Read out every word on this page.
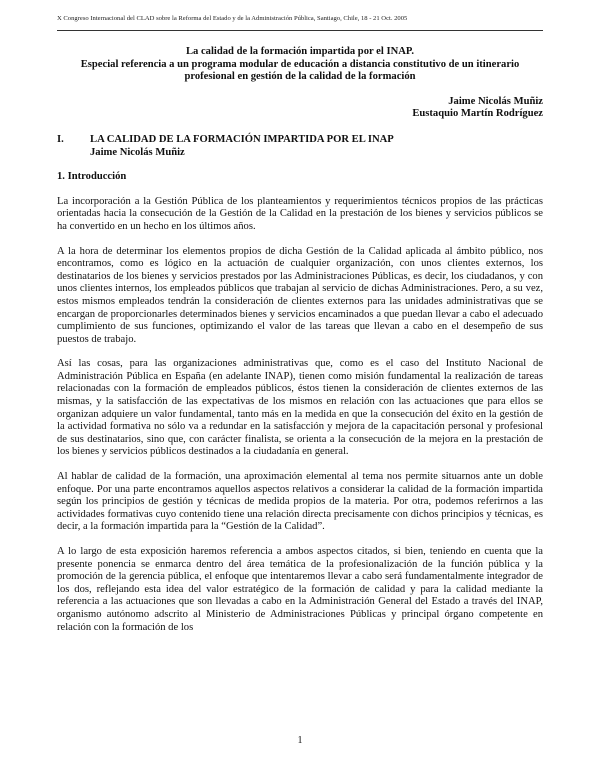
X Congreso Internacional del CLAD sobre la Reforma del Estado y de la Administración Pública, Santiago, Chile, 18 - 21 Oct. 2005
La calidad de la formación impartida por el INAP.
Especial referencia a un programa modular de educación a distancia constitutivo de un itinerario profesional en gestión de la calidad de la formación
Jaime Nicolás Muñiz
Eustaquio Martín Rodríguez
I.	LA CALIDAD DE LA FORMACIÓN IMPARTIDA POR EL INAP
Jaime Nicolás Muñiz
1. Introducción

La incorporación a la Gestión Pública de los planteamientos y requerimientos técnicos propios de las prácticas orientadas hacia la consecución de la Gestión de la Calidad en la prestación de los bienes y servicios públicos se ha convertido en un hecho en los últimos años.

A la hora de determinar los elementos propios de dicha Gestión de la Calidad aplicada al ámbito público, nos encontramos, como es lógico en la actuación de cualquier organización, con unos clientes externos, los destinatarios de los bienes y servicios prestados por las Administraciones Públicas, es decir, los ciudadanos, y con unos clientes internos, los empleados públicos que trabajan al servicio de dichas Administraciones. Pero, a su vez, estos mismos empleados tendrán la consideración de clientes externos para las unidades administrativas que se encargan de proporcionarles determinados bienes y servicios encaminados a que puedan llevar a cabo el adecuado cumplimiento de sus funciones, optimizando el valor de las tareas que llevan a cabo en el desempeño de sus puestos de trabajo.

Así las cosas, para las organizaciones administrativas que, como es el caso del Instituto Nacional de Administración Pública en España (en adelante INAP), tienen como misión fundamental la realización de tareas relacionadas con la formación de empleados públicos, éstos tienen la consideración de clientes externos de las mismas, y la satisfacción de las expectativas de los mismos en relación con las actuaciones que para ellos se organizan adquiere un valor fundamental, tanto más en la medida en que la consecución del éxito en la gestión de la actividad formativa no sólo va a redundar en la satisfacción y mejora de la capacitación personal y profesional de sus destinatarios, sino que, con carácter finalista, se orienta a la consecución de la mejora en la prestación de los bienes y servicios públicos destinados a la ciudadanía en general.

Al hablar de calidad de la formación, una aproximación elemental al tema nos permite situarnos ante un doble enfoque. Por una parte encontramos aquellos aspectos relativos a considerar la calidad de la formación impartida según los principios de gestión y técnicas de medida propios de la materia. Por otra, podemos referirnos a las actividades formativas cuyo contenido tiene una relación directa precisamente con dichos principios y técnicas, es decir, a la formación impartida para la “Gestión de la Calidad”.

A lo largo de esta exposición haremos referencia a ambos aspectos citados, si bien, teniendo en cuenta que la presente ponencia se enmarca dentro del área temática de la profesionalización de la función pública y la promoción de la gerencia pública, el enfoque que intentaremos llevar a cabo será fundamentalmente integrador de los dos, reflejando esta idea del valor estratégico de la formación de calidad y para la calidad mediante la referencia a las actuaciones que son llevadas a cabo en la Administración General del Estado a través del INAP, organismo autónomo adscrito al Ministerio de Administraciones Públicas y principal órgano competente en relación con la formación de los

1
